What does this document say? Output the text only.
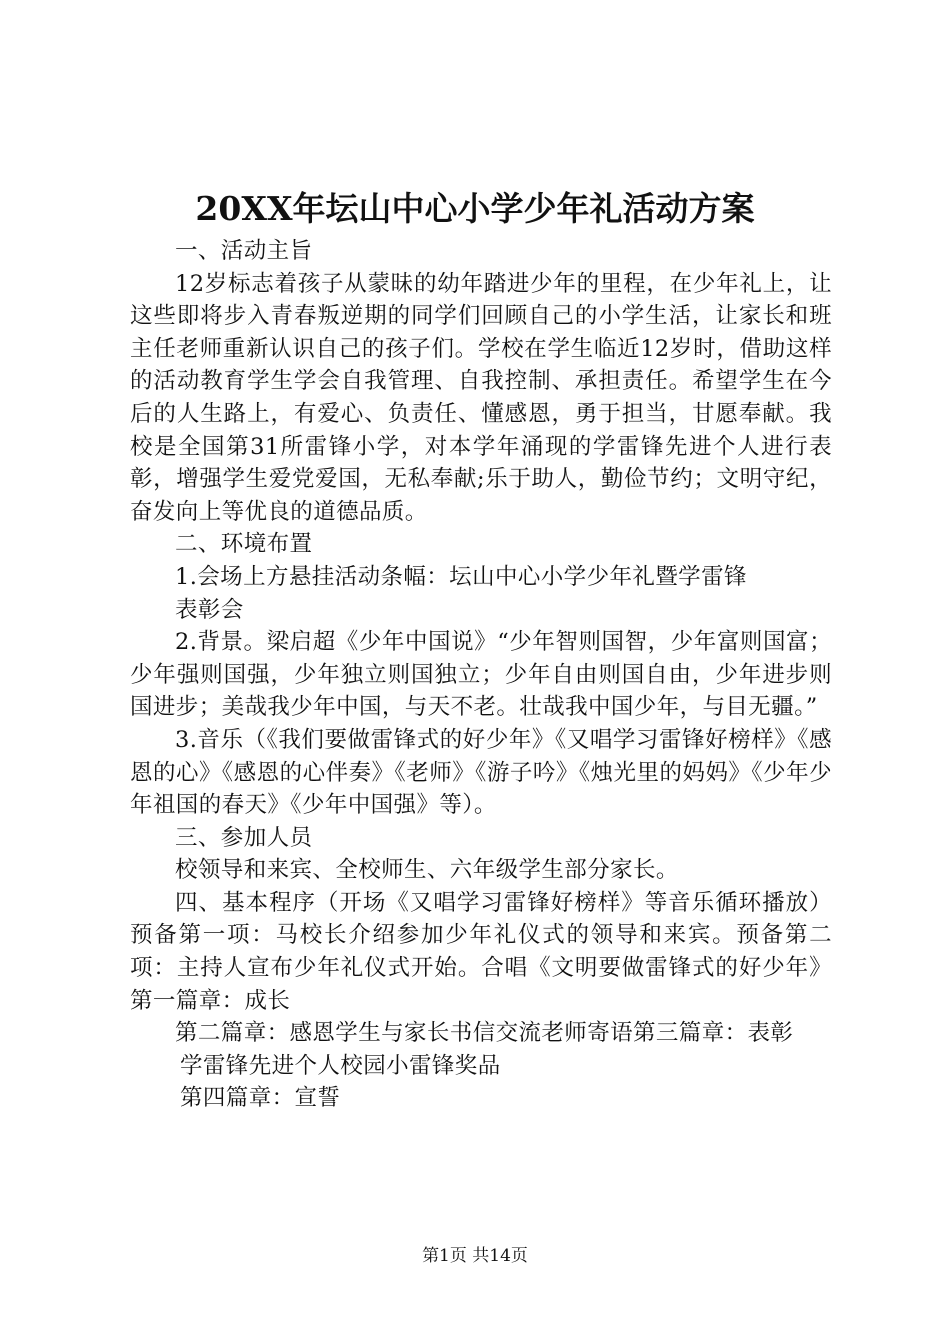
20XX年坛山中心小学少年礼活动方案

一、活动主旨

12岁标志着孩子从蒙昧的幼年踏进少年的里程，在少年礼上，让这些即将步入青春叛逆期的同学们回顾自己的小学生活，让家长和班主任老师重新认识自己的孩子们。学校在学生临近12岁时，借助这样的活动教育学生学会自我管理、自我控制、承担责任。希望学生在今后的人生路上，有爱心、负责任、懂感恩，勇于担当，甘愿奉献。我校是全国第31所雷锋小学，对本学年涌现的学雷锋先进个人进行表彰，增强学生爱党爱国，无私奉献;乐于助人，勤俭节约；文明守纪，奋发向上等优良的道德品质。

二、环境布置

1.会场上方悬挂活动条幅：坛山中心小学少年礼暨学雷锋

表彰会

2.背景。梁启超《少年中国说》“少年智则国智，少年富则国富；少年强则国强，少年独立则国独立；少年自由则国自由，少年进步则国进步；美哉我少年中国，与天不老。壮哉我中国少年，与目无疆。”

3.音乐（《我们要做雷锋式的好少年》《又唱学习雷锋好榜样》《感恩的心》《感恩的心伴奏》《老师》《游子吟》《烛光里的妈妈》《少年少年祖国的春天》《少年中国强》等）。

三、参加人员

校领导和来宾、全校师生、六年级学生部分家长。

四、基本程序（开场《又唱学习雷锋好榜样》等音乐循环播放）预备第一项：马校长介绍参加少年礼仪式的领导和来宾。预备第二项：主持人宣布少年礼仪式开始。合唱《文明要做雷锋式的好少年》第一篇章：成长

第二篇章：感恩学生与家长书信交流老师寄语第三篇章：表彰

学雷锋先进个人校园小雷锋奖品

第四篇章：宣誓

第1页 共14页
